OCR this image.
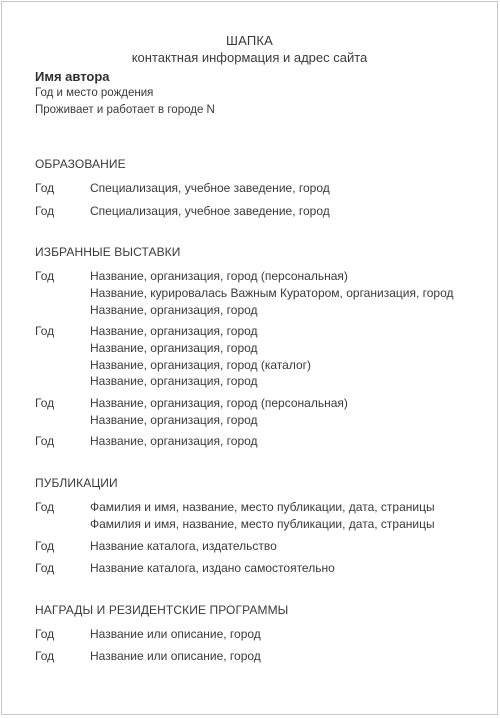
ШАПКА
контактная информация и адрес сайта
Имя автора
Год и место рождения
Проживает и работает в городе N
ОБРАЗОВАНИЕ
Год	Специализация, учебное заведение, город
Год	Специализация, учебное заведение, город
ИЗБРАННЫЕ ВЫСТАВКИ
Год	Название, организация, город (персональная)
Название, курировалась Важным Куратором, организация, город
Название, организация, город
Год	Название, организация, город
Название, организация, город
Название, организация, город (каталог)
Название, организация, город
Год	Название, организация, город (персональная)
Название, организация, город
Год	Название, организация, город
ПУБЛИКАЦИИ
Год	Фамилия и имя, название, место публикации, дата, страницы
Фамилия и имя, название, место публикации, дата, страницы
Год	Название каталога, издательство
Год	Название каталога, издано самостоятельно
НАГРАДЫ И РЕЗИДЕНТСКИЕ ПРОГРАММЫ
Год	Название или описание, город
Год	Название или описание, город
